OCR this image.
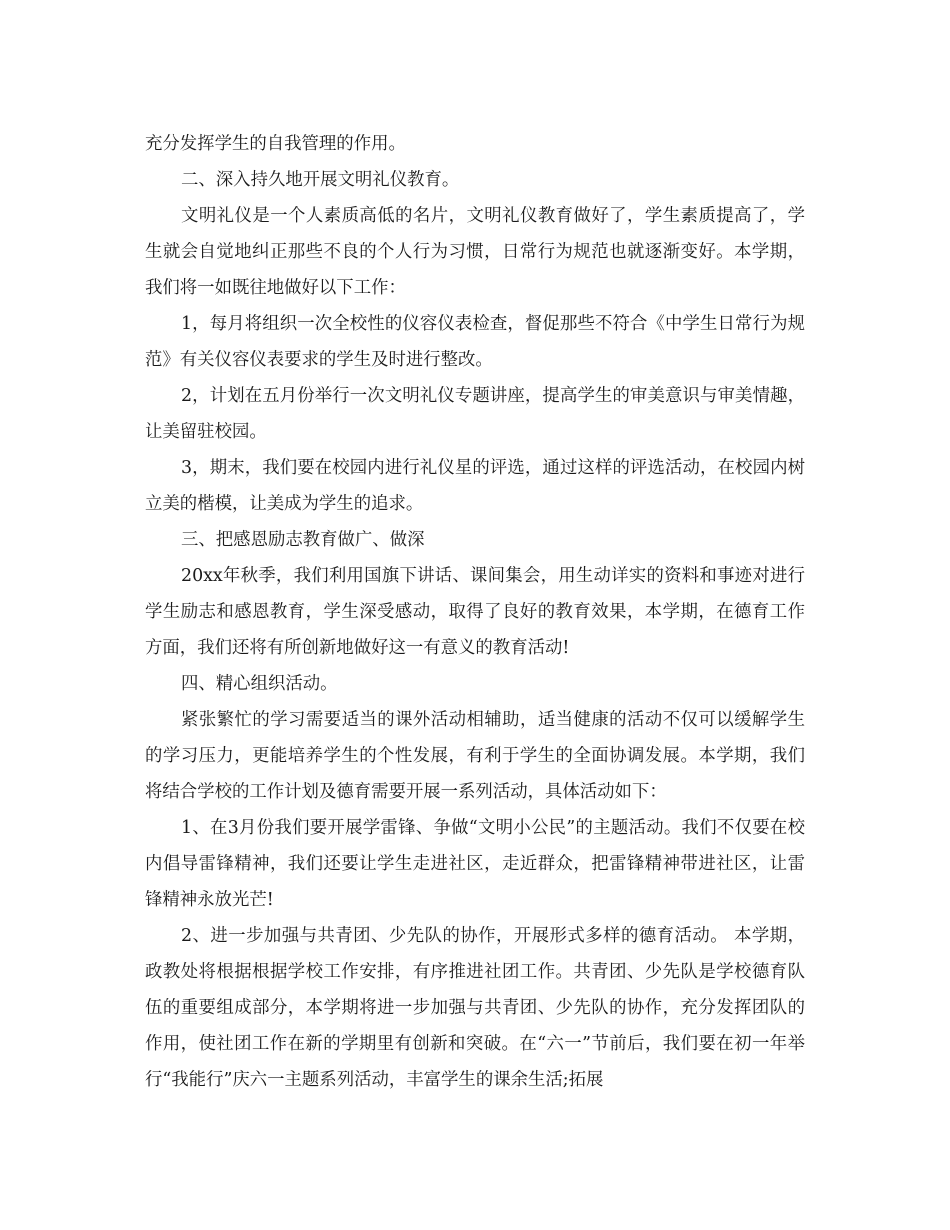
充分发挥学生的自我管理的作用。

二、深入持久地开展文明礼仪教育。

文明礼仪是一个人素质高低的名片，文明礼仪教育做好了，学生素质提高了，学生就会自觉地纠正那些不良的个人行为习惯，日常行为规范也就逐渐变好。本学期，我们将一如既往地做好以下工作：

1，每月将组织一次全校性的仪容仪表检查，督促那些不符合《中学生日常行为规范》有关仪容仪表要求的学生及时进行整改。

2，计划在五月份举行一次文明礼仪专题讲座，提高学生的审美意识与审美情趣，让美留驻校园。

3，期末，我们要在校园内进行礼仪星的评选，通过这样的评选活动，在校园内树立美的楷模，让美成为学生的追求。

三、把感恩励志教育做广、做深

20xx年秋季，我们利用国旗下讲话、课间集会，用生动详实的资料和事迹对进行学生励志和感恩教育，学生深受感动，取得了良好的教育效果，本学期，在德育工作方面，我们还将有所创新地做好这一有意义的教育活动!

四、精心组织活动。

紧张繁忙的学习需要适当的课外活动相辅助，适当健康的活动不仅可以缓解学生的学习压力，更能培养学生的个性发展，有利于学生的全面协调发展。本学期，我们将结合学校的工作计划及德育需要开展一系列活动，具体活动如下：

1、在3月份我们要开展学雷锋、争做“文明小公民”的主题活动。我们不仅要在校内倡导雷锋精神，我们还要让学生走进社区，走近群众，把雷锋精神带进社区，让雷锋精神永放光芒!

2、进一步加强与共青团、少先队的协作，开展形式多样的德育活动。 本学期，政教处将根据根据学校工作安排，有序推进社团工作。共青团、少先队是学校德育队伍的重要组成部分，本学期将进一步加强与共青团、少先队的协作，充分发挥团队的作用，使社团工作在新的学期里有创新和突破。在“六一”节前后，我们要在初一年举行“我能行”庆六一主题系列活动，丰富学生的课余生活;拓展
